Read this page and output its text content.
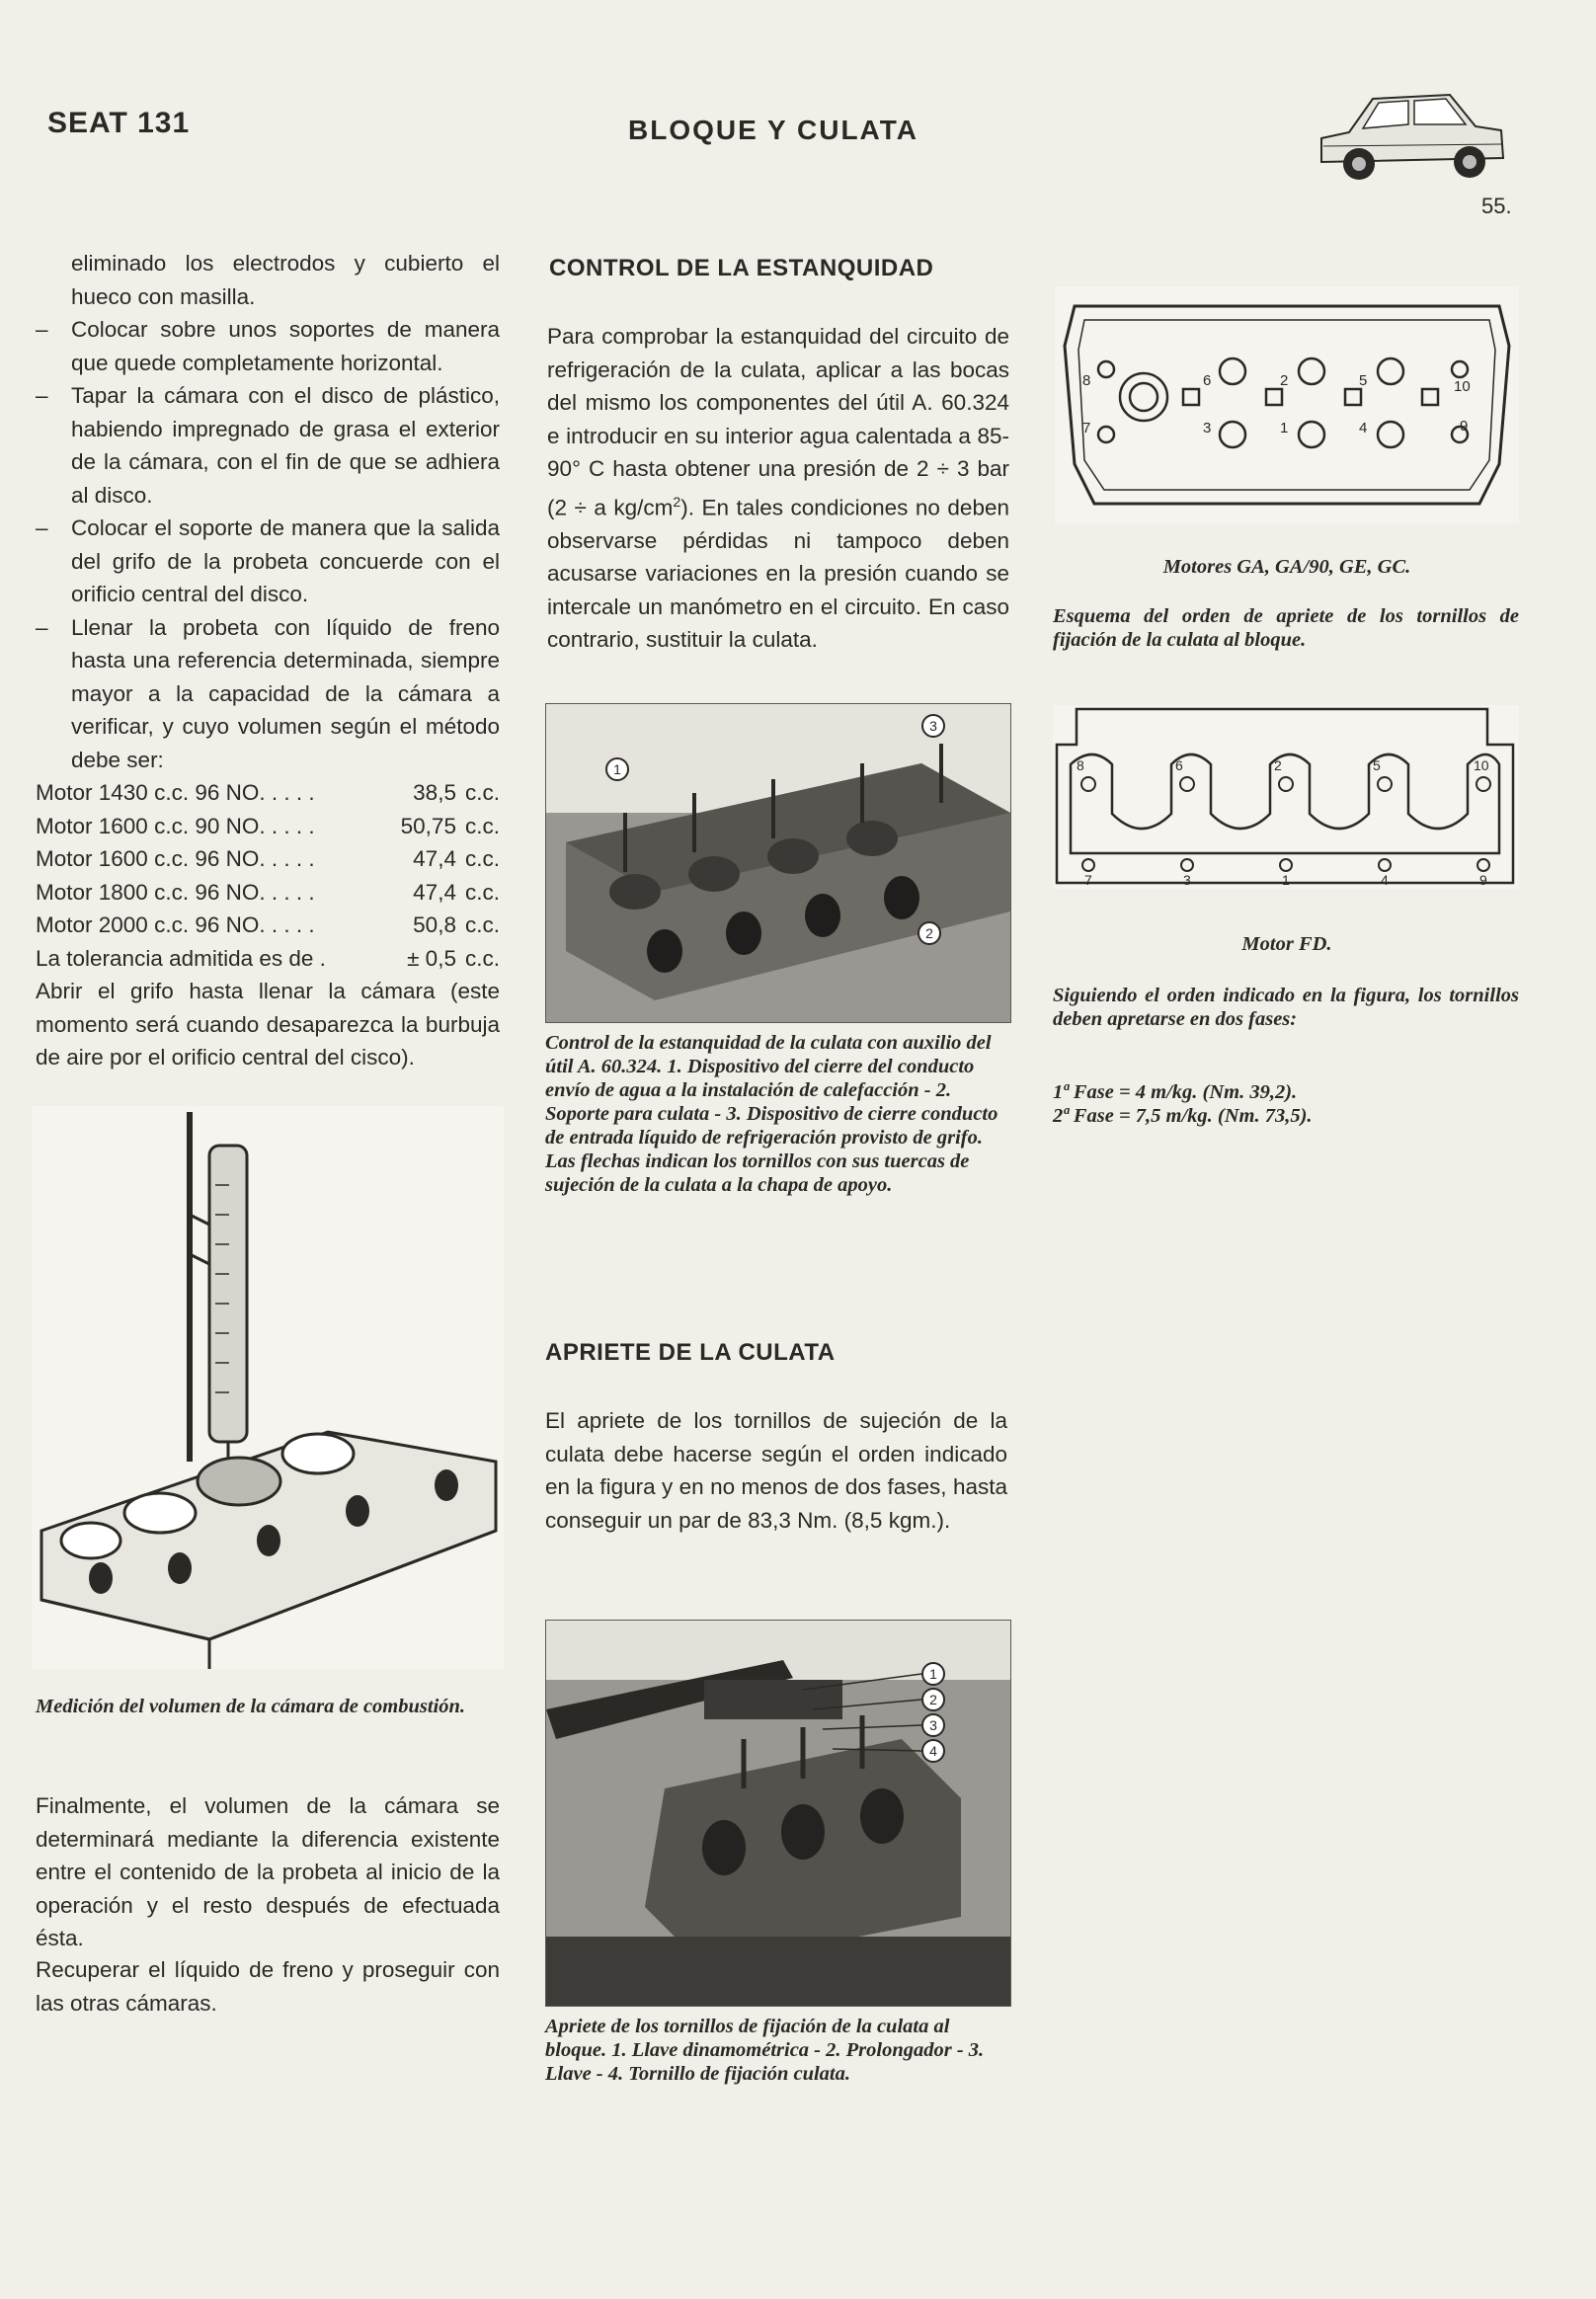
SEAT 131	BLOQUE Y CULATA
55.
eliminado los electrodos y cubierto el hueco con masilla.
– Colocar sobre unos soportes de manera que quede completamente horizontal.
– Tapar la cámara con el disco de plástico, habiendo impregnado de grasa el exterior de la cámara, con el fin de que se adhiera al disco.
– Colocar el soporte de manera que la salida del grifo de la probeta concuerde con el orificio central del disco.
– Llenar la probeta con líquido de freno hasta una referencia determinada, siempre mayor a la capacidad de la cámara a verificar, y cuyo volumen según el método debe ser:
Motor 1430 c.c. 96 NO. . . . .	38,5 c.c.
Motor 1600 c.c. 90 NO. . . . .	50,75 c.c.
Motor 1600 c.c. 96 NO. . . . .	47,4 c.c.
Motor 1800 c.c. 96 NO. . . . .	47,4 c.c.
Motor 2000 c.c. 96 NO. . . . .	50,8 c.c.
La tolerancia admitida es de .	± 0,5 c.c.
Abrir el grifo hasta llenar la cámara (este momento será cuando desaparezca la burbuja de aire por el orificio central del cisco).
Medición del volumen de la cámara de combustión.
Finalmente, el volumen de la cámara se determinará mediante la diferencia existente entre el contenido de la probeta al inicio de la operación y el resto después de efectuada ésta.
Recuperar el líquido de freno y proseguir con las otras cámaras.
CONTROL DE LA ESTANQUIDAD
Para comprobar la estanquidad del circuito de refrigeración de la culata, aplicar a las bocas del mismo los componentes del útil A. 60.324 e introducir en su interior agua calentada a 85-90° C hasta obtener una presión de 2 ÷ 3 bar (2 ÷ a $kg/cm^2$). En tales condiciones no deben observarse pérdidas ni tampoco deben acusarse variaciones en la presión cuando se intercale un manómetro en el circuito. En caso contrario, sustituir la culata.
1
2
3
Control de la estanquidad de la culata con auxilio del útil A. 60.324. 1. Dispositivo del cierre del conducto envío de agua a la instalación de calefacción - 2. Soporte para culata - 3. Dispositivo de cierre conducto de entrada líquido de refrigeración provisto de grifo. Las flechas indican los tornillos con sus tuercas de sujeción de la culata a la chapa de apoyo.
APRIETE DE LA CULATA
El apriete de los tornillos de sujeción de la culata debe hacerse según el orden indicado en la figura y en no menos de dos fases, hasta conseguir un par de 83,3 Nm. (8,5 kgm.).
1
2
3
4
Apriete de los tornillos de fijación de la culata al bloque. 1. Llave dinamométrica - 2. Prolongador - 3. Llave - 4. Tornillo de fijación culata.
8	6	2	5	10
7	3	1	4	9
Motores GA, GA/90, GE, GC.
Esquema del orden de apriete de los tornillos de fijación de la culata al bloque.
8	6	2	5	10
7	3	1	4	9
Motor FD.
Siguiendo el orden indicado en la figura, los tornillos deben apretarse en dos fases:
1ª Fase = 4 m/kg. (Nm. 39,2).
2ª Fase = 7,5 m/kg. (Nm. 73,5).
